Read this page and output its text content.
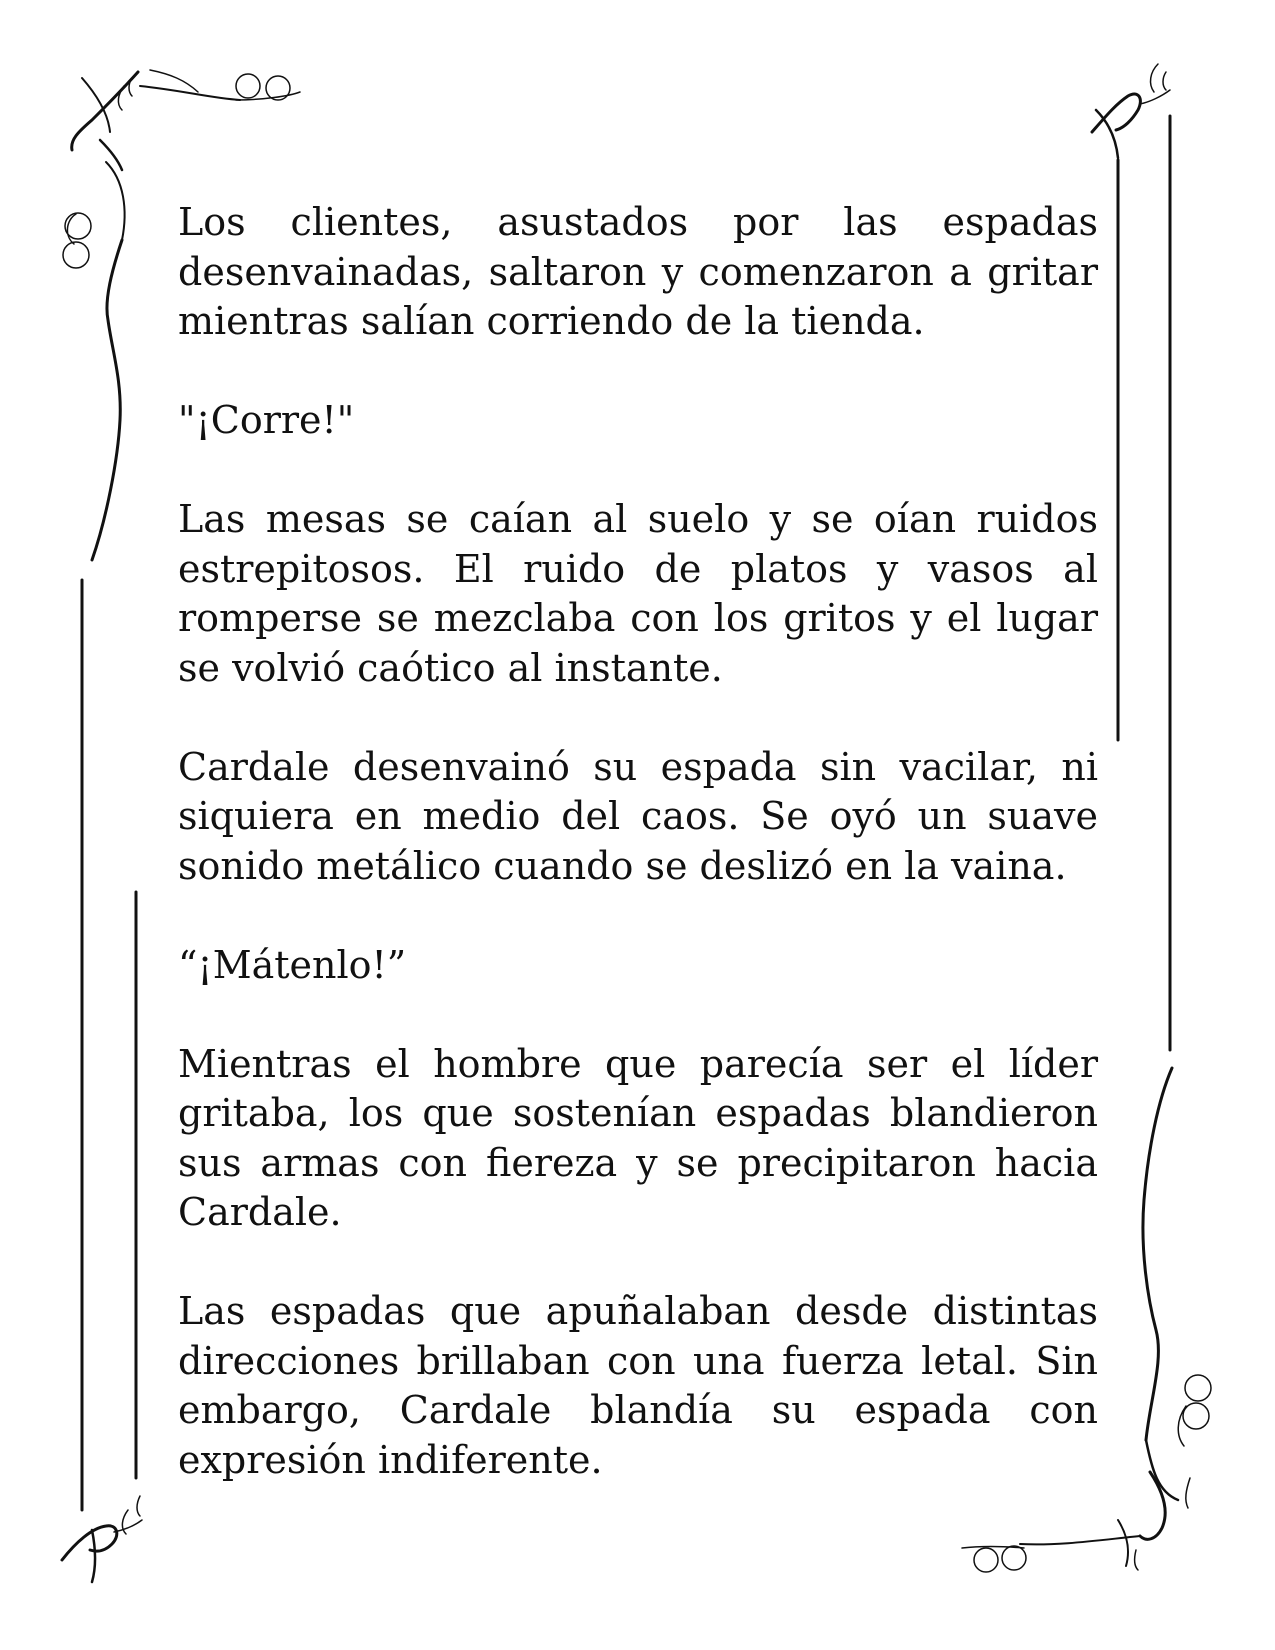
Los clientes, asustados por las espadas desenvainadas, saltaron y comenzaron a gritar mientras salían corriendo de la tienda.

"¡Corre!"

Las mesas se caían al suelo y se oían ruidos estrepitosos. El ruido de platos y vasos al romperse se mezclaba con los gritos y el lugar se volvió caótico al instante.

Cardale desenvainó su espada sin vacilar, ni siquiera en medio del caos. Se oyó un suave sonido metálico cuando se deslizó en la vaina.

“¡Mátenlo!”

Mientras el hombre que parecía ser el líder gritaba, los que sostenían espadas blandieron sus armas con fiereza y se precipitaron hacia Cardale.

Las espadas que apuñalaban desde distintas direcciones brillaban con una fuerza letal. Sin embargo, Cardale blandía su espada con expresión indiferente.
